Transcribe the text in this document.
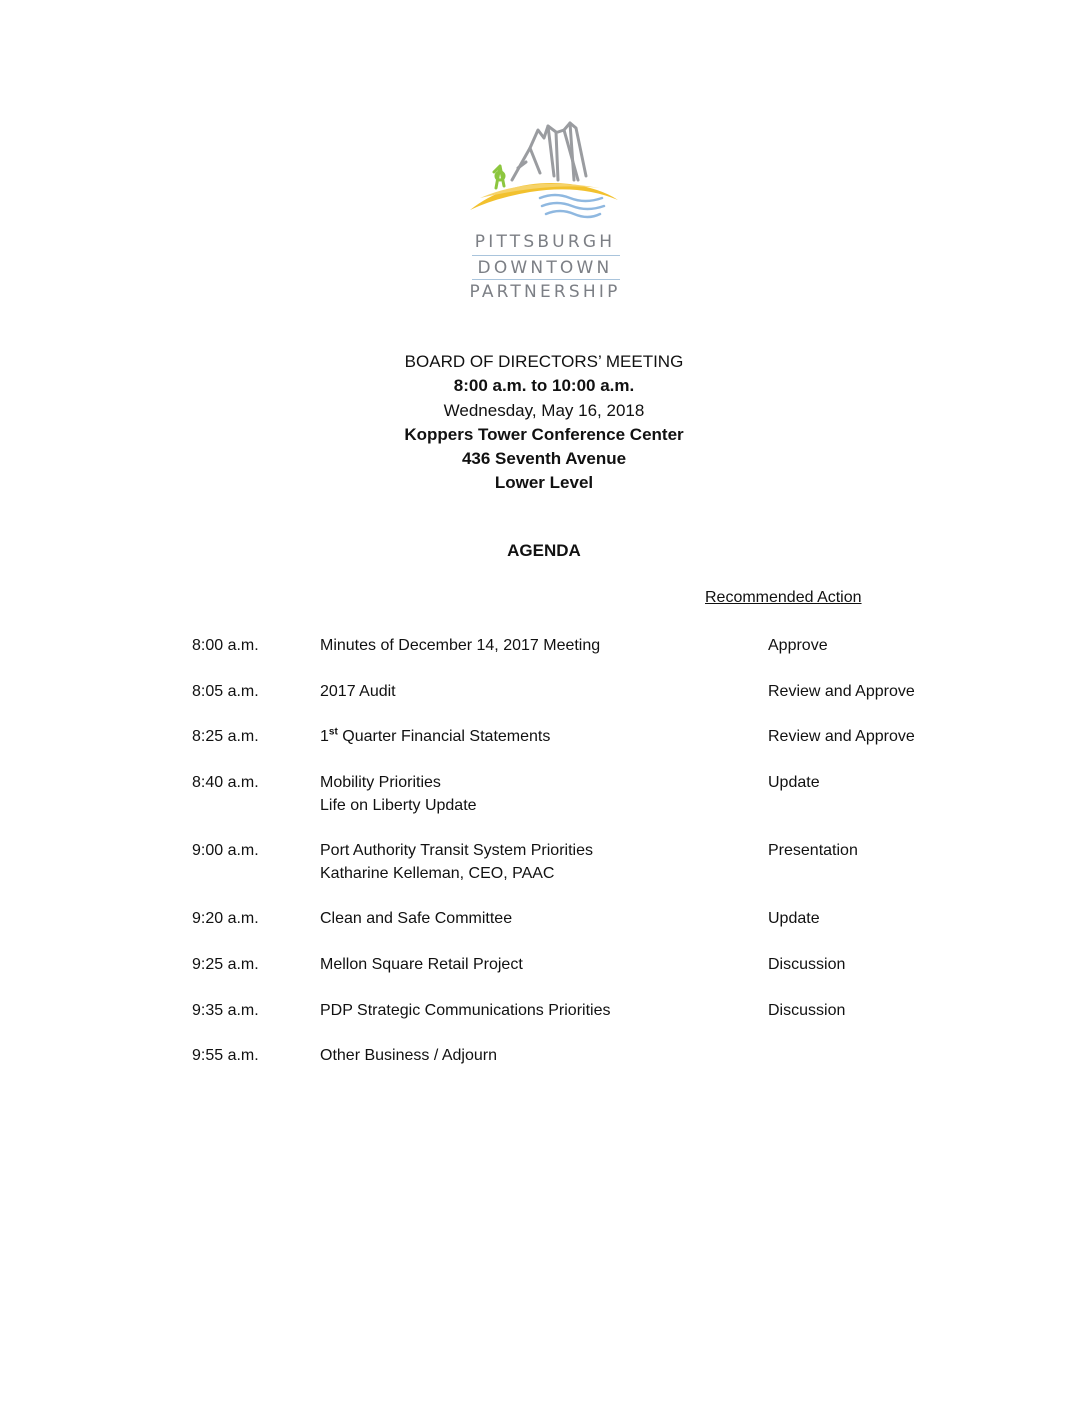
PITTSBURGH
DOWNTOWN
PARTNERSHIP
BOARD OF DIRECTORS’ MEETING
8:00 a.m. to 10:00 a.m.
Wednesday, May 16, 2018
Koppers Tower Conference Center
436 Seventh Avenue
Lower Level
AGENDA
Recommended Action
8:00 a.m.	Minutes of December 14, 2017 Meeting	Approve
8:05 a.m.	2017 Audit	Review and Approve
8:25 a.m.	1st Quarter Financial Statements	Review and Approve
8:40 a.m.	Mobility Priorities	Update
Life on Liberty Update
9:00 a.m.	Port Authority Transit System Priorities	Presentation
Katharine Kelleman, CEO, PAAC
9:20 a.m.	Clean and Safe Committee	Update
9:25 a.m.	Mellon Square Retail Project	Discussion
9:35 a.m.	PDP Strategic Communications Priorities	Discussion
9:55 a.m.	Other Business / Adjourn
